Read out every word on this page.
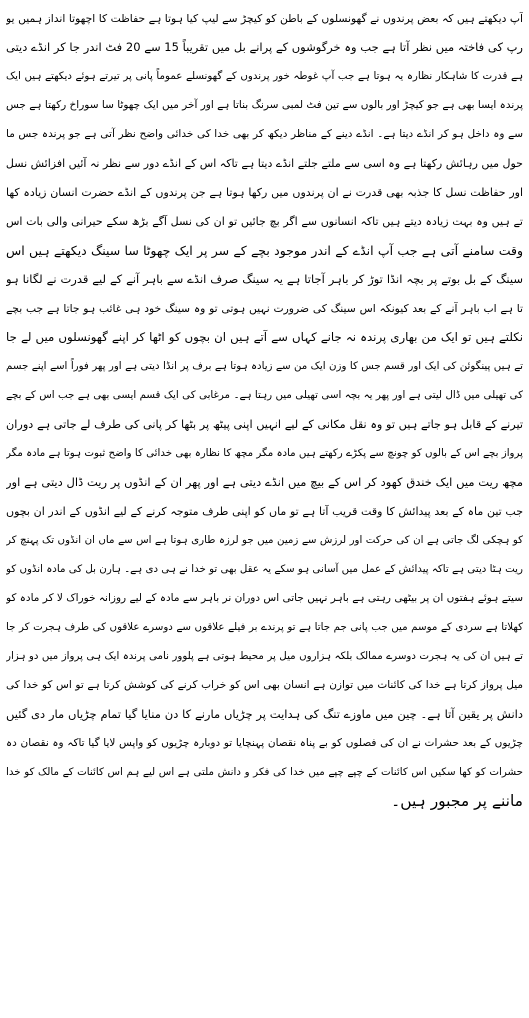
آپ دیکھتے ہیں کہ بعض پرندوں نے گھونسلوں کے باطن کو کیچڑ سے لیپ کیا ہوتا ہے حفاظت کا اچھوتا انداز ہمیں یو
رپ کی فاختہ میں نظر آتا ہے جب وہ خرگوشوں کے پرانے بل میں تقریباً 15 سے 20 فٹ اندر جا کر انڈے دیتی
ہے قدرت کا شاہکار نظارہ یہ ہوتا ہے جب آپ غوطہ خور پرندوں کے گھونسلے عموماً پانی پر تیرتے ہوئے دیکھتے ہیں ایک
پرندہ ایسا بھی ہے جو کیچڑ اور بالوں سے تین فٹ لمبی سرنگ بناتا ہے اور آخر میں ایک چھوٹا سا سوراخ رکھتا ہے جس
سے وہ داخل ہو کر انڈے دیتا ہے۔ انڈے دینے کے مناظر دیکھ کر بھی خدا کی خدائی واضح نظر آتی ہے جو پرندہ جس ما
حول میں رہائش رکھتا ہے وہ اسی سے ملتے جلتے انڈے دیتا ہے تاکہ اس کے انڈے دور سے نظر نہ آئیں افزائش نسل
اور حفاظت نسل کا جذبہ بھی قدرت نے ان پرندوں میں رکھا ہوتا ہے جن پرندوں کے انڈے حضرت انسان زیادہ کھا
تے ہیں وہ بہت زیادہ دیتے ہیں تاکہ انسانوں سے اگر بچ جائیں تو ان کی نسل آگے بڑھ سکے حیرانی والی بات اس
وقت سامنے آتی ہے جب آپ انڈے کے اندر موجود بچے کے سر پر ایک چھوٹا سا سینگ دیکھتے ہیں اس
سینگ کے بل بوتے پر بچہ انڈا توڑ کر باہر آجاتا ہے یہ سینگ صرف انڈے سے باہر آنے کے لیے قدرت نے لگانا ہو
تا ہے اب باہر آنے کے بعد کیونکہ اس سینگ کی ضرورت نہیں ہوتی تو وہ سینگ خود ہی غائب ہو جاتا ہے جب بچے
نکلتے ہیں تو ایک من بھاری پرندہ نہ جانے کہاں سے آتے ہیں ان بچوں کو اٹھا کر اپنے گھونسلوں میں لے جا
تے ہیں پینگوئن کی ایک اور قسم جس کا وزن ایک من سے زیادہ ہوتا ہے برف پر انڈا دیتی ہے اور پھر فوراً اسے اپنے جسم
کی تھیلی میں ڈال لیتی ہے اور پھر یہ بچہ اسی تھیلی میں رہتا ہے۔ مرغابی کی ایک قسم ایسی بھی ہے جب اس کے بچے
تیرنے کے قابل ہو جاتے ہیں تو وہ نقل مکانی کے لیے انہیں اپنی پیٹھ پر بٹھا کر پانی کی طرف لے جاتی ہے دوران
پرواز بچے اس کے بالوں کو چونچ سے پکڑے رکھتے ہیں مادہ مگر مچھ کا نظارہ بھی خدائی کا واضح ثبوت ہوتا ہے مادہ مگر
مچھ ریت میں ایک خندق کھود کر اس کے بیچ میں انڈے دیتی ہے اور پھر ان کے انڈوں پر ریت ڈال دیتی ہے اور
جب تین ماہ کے بعد پیدائش کا وقت قریب آتا ہے تو ماں کو اپنی طرف متوجہ کرنے کے لیے انڈوں کے اندر ان بچوں
کو ہچکی لگ جاتی ہے ان کی حرکت اور لرزش سے زمین میں جو لرزہ طاری ہوتا ہے اس سے ماں ان انڈوں تک پہنچ کر
ریت ہٹا دیتی ہے تاکہ پیدائش کے عمل میں آسانی ہو سکے یہ عقل بھی تو خدا نے ہی دی ہے۔ ہارن بل کی مادہ انڈوں کو
سیتے ہوئے ہفتوں ان پر بیٹھی رہتی ہے باہر نہیں جاتی اس دوران نر باہر سے مادہ کے لیے روزانہ خوراک لا کر مادہ کو
کھلاتا ہے سردی کے موسم میں جب پانی جم جاتا ہے تو پرندے بر فیلے علاقوں سے دوسرے علاقوں کی طرف ہجرت کر جا
تے ہیں ان کی یہ ہجرت دوسرے ممالک بلکہ ہزاروں میل پر محیط ہوتی ہے پلوور نامی پرندہ ایک ہی پرواز میں دو ہزار
میل پرواز کرتا ہے خدا کی کائنات میں توازن ہے انسان بھی اس کو خراب کرنے کی کوشش کرتا ہے تو اس کو خدا کی
دانش پر یقین آتا ہے۔ چین میں ماوزے تنگ کی ہدایت پر چڑیاں مارنے کا دن منایا گیا تمام چڑیاں مار دی گئیں
چڑیوں کے بعد حشرات نے ان کی فصلوں کو بے پناہ نقصان پہنچایا تو دوبارہ چڑیوں کو واپس لایا گیا تاکہ وہ نقصان دہ
حشرات کو کھا سکیں اس کائنات کے چپے چپے میں خدا کی فکر و دانش ملتی ہے اس لیے ہم اس کائنات کے مالک کو خدا
ماننے پر مجبور ہیں۔
